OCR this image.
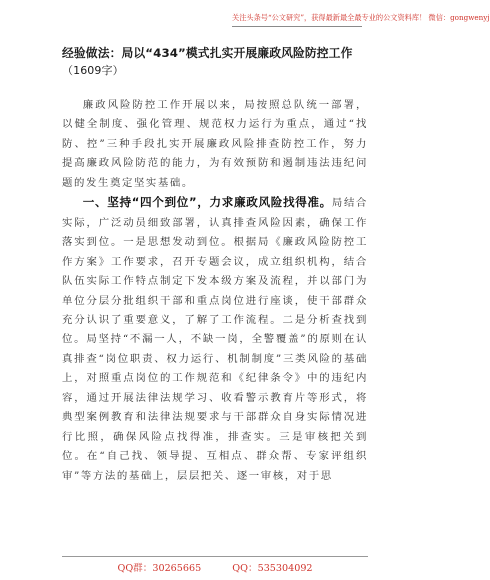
关注头条号“公文研究”，获得最新最全最专业的公文资料库！ 微信：gongwenyj
经验做法：局以“434”模式扎实开展廉政风险防控工作
（1609字）

廉政风险防控工作开展以来，局按照总队统一部署，以健全制度、强化管理、规范权力运行为重点，通过“找防、控”三种手段扎实开展廉政风险排查防控工作，努力提高廉政风险防范的能力，为有效预防和遏制违法违纪问题的发生奠定坚实基础。

一、坚持“四个到位”，力求廉政风险找得准。局结合实际，广泛动员细致部署，认真排查风险因素，确保工作落实到位。一是思想发动到位。根据局《廉政风险防控工作方案》工作要求，召开专题会议，成立组织机构，结合队伍实际工作特点制定下发本级方案及流程，并以部门为单位分层分批组织干部和重点岗位进行座谈，使干部群众充分认识了重要意义，了解了工作流程。二是分析查找到位。局坚持“不漏一人，不缺一岗，全警覆盖”的原则在认真排查“岗位职责、权力运行、机制制度”三类风险的基础上，对照重点岗位的工作规范和《纪律条令》中的违纪内容，通过开展法律法规学习、收看警示教育片等形式，将典型案例教育和法律法规要求与干部群众自身实际情况进行比照，确保风险点找得准，排查实。三是审核把关到位。在“自己找、领导提、互相点、群众帮、专家评组织审”等方法的基础上，层层把关、逐一审核，对于思

QQ群：30265665	QQ：535304092
